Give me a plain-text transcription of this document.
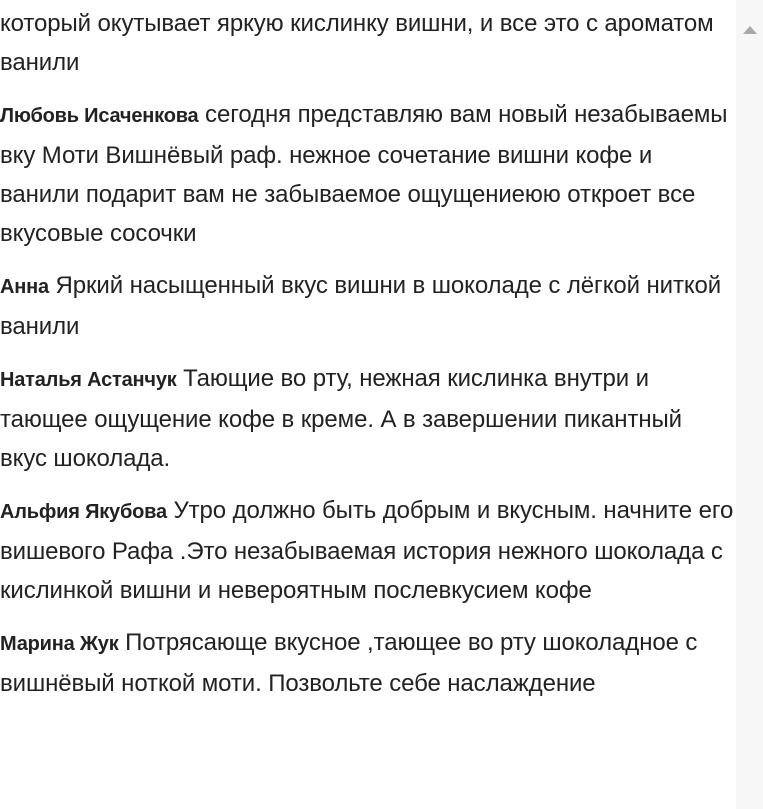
который окутывает яркую кислинку вишни, и все это с ароматом ванили

Любовь Исаченкова сегодня представляю вам новый незабываемы вку Моти Вишнёвый раф. нежное сочетание вишни кофе и ванили подарит вам не забываемое ощущениеюю откроет все вкусовые сосочки

Анна Яркий насыщенный вкус вишни в шоколаде с лёгкой ниткой ванили

Наталья Астанчук Тающие во рту, нежная кислинка внутри и тающее ощущение кофе в креме. А в завершении пикантный вкус шоколада.

Альфия Якубова Утро должно быть добрым и вкусным. начните его вишевого Рафа .Это незабываемая история нежного шоколада с кислинкой вишни и невероятным послевкусием кофе

Марина Жук Потрясающе вкусное ,тающее во рту шоколадное с вишнёвый ноткой моти. Позвольте себе наслаждение
